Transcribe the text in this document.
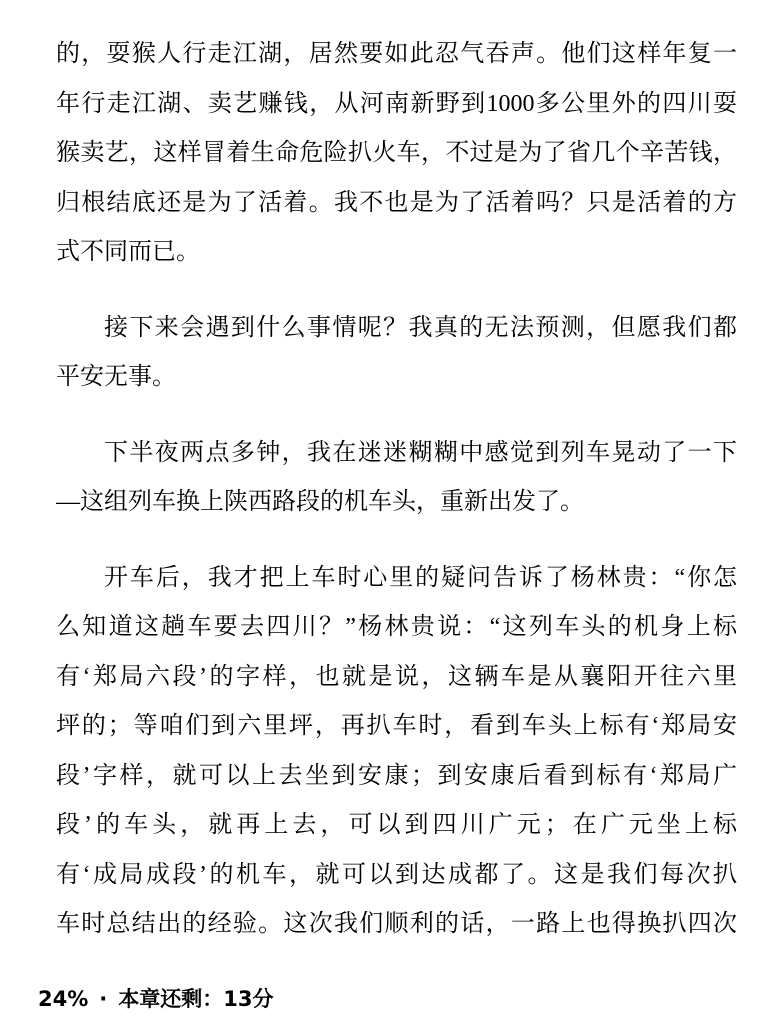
的，耍猴人行走江湖，居然要如此忍气吞声。他们这样年复一
年行走江湖、卖艺赚钱，从河南新野到1000多公里外的四川耍
猴卖艺，这样冒着生命危险扒火车，不过是为了省几个辛苦钱，
归根结底还是为了活着。我不也是为了活着吗？只是活着的方
式不同而已。
接下来会遇到什么事情呢？我真的无法预测，但愿我们都
平安无事。
下半夜两点多钟，我在迷迷糊糊中感觉到列车晃动了一下
—这组列车换上陕西路段的机车头，重新出发了。
开车后，我才把上车时心里的疑问告诉了杨林贵：“你怎
么知道这趟车要去四川？”杨林贵说：“这列车头的机身上标
有‘郑局六段’的字样，也就是说，这辆车是从襄阳开往六里
坪的；等咱们到六里坪，再扒车时，看到车头上标有‘郑局安
段’字样，就可以上去坐到安康；到安康后看到标有‘郑局广
段’的车头，就再上去，可以到四川广元；在广元坐上标
有‘成局成段’的机车，就可以到达成都了。这是我们每次扒
车时总结出的经验。这次我们顺利的话，一路上也得换扒四次
24% · 本章还剩：13分
